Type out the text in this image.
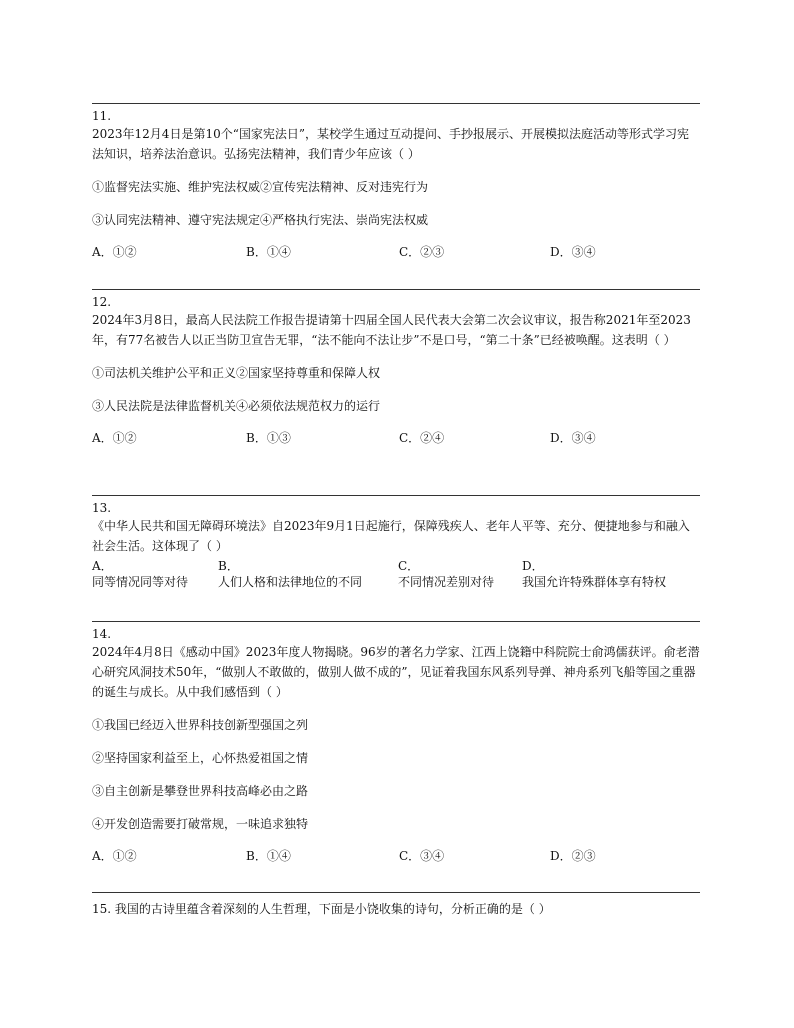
11.
2023年12月4日是第10个“国家宪法日”，某校学生通过互动提问、手抄报展示、开展模拟法庭活动等形式学习宪法知识，培养法治意识。弘扬宪法精神，我们青少年应该（ ）
①监督宪法实施、维护宪法权威②宣传宪法精神、反对违宪行为
③认同宪法精神、遵守宪法规定④严格执行宪法、崇尚宪法权威
A．①②	B．①④	C．②③	D．③④
12.
2024年3月8日，最高人民法院工作报告提请第十四届全国人民代表大会第二次会议审议，报告称2021年至2023年，有77名被告人以正当防卫宣告无罪，“法不能向不法让步”不是口号，“第二十条”已经被唤醒。这表明（ ）
①司法机关维护公平和正义②国家坚持尊重和保障人权
③人民法院是法律监督机关④必须依法规范权力的运行
A．①②	B．①③	C．②④	D．③④
13.
《中华人民共和国无障碍环境法》自2023年9月1日起施行，保障残疾人、老年人平等、充分、便捷地参与和融入社会生活。这体现了（ ）
A．
同等情况同等对待
B．
人们人格和法律地位的不同
C．
不同情况差别对待
D．
我国允许特殊群体享有特权
14.
2024年4月8日《感动中国》2023年度人物揭晓。96岁的著名力学家、江西上饶籍中科院院士俞鸿儒获评。俞老潜心研究风洞技术50年，“做别人不敢做的，做别人做不成的”，见证着我国东风系列导弹、神舟系列飞船等国之重器的诞生与成长。从中我们感悟到（ ）
①我国已经迈入世界科技创新型强国之列
②坚持国家利益至上，心怀热爱祖国之情
③自主创新是攀登世界科技高峰必由之路
④开发创造需要打破常规，一味追求独特
A．①②	B．①④	C．③④	D．②③
15. 我国的古诗里蕴含着深刻的人生哲理，下面是小饶收集的诗句，分析正确的是（ ）
